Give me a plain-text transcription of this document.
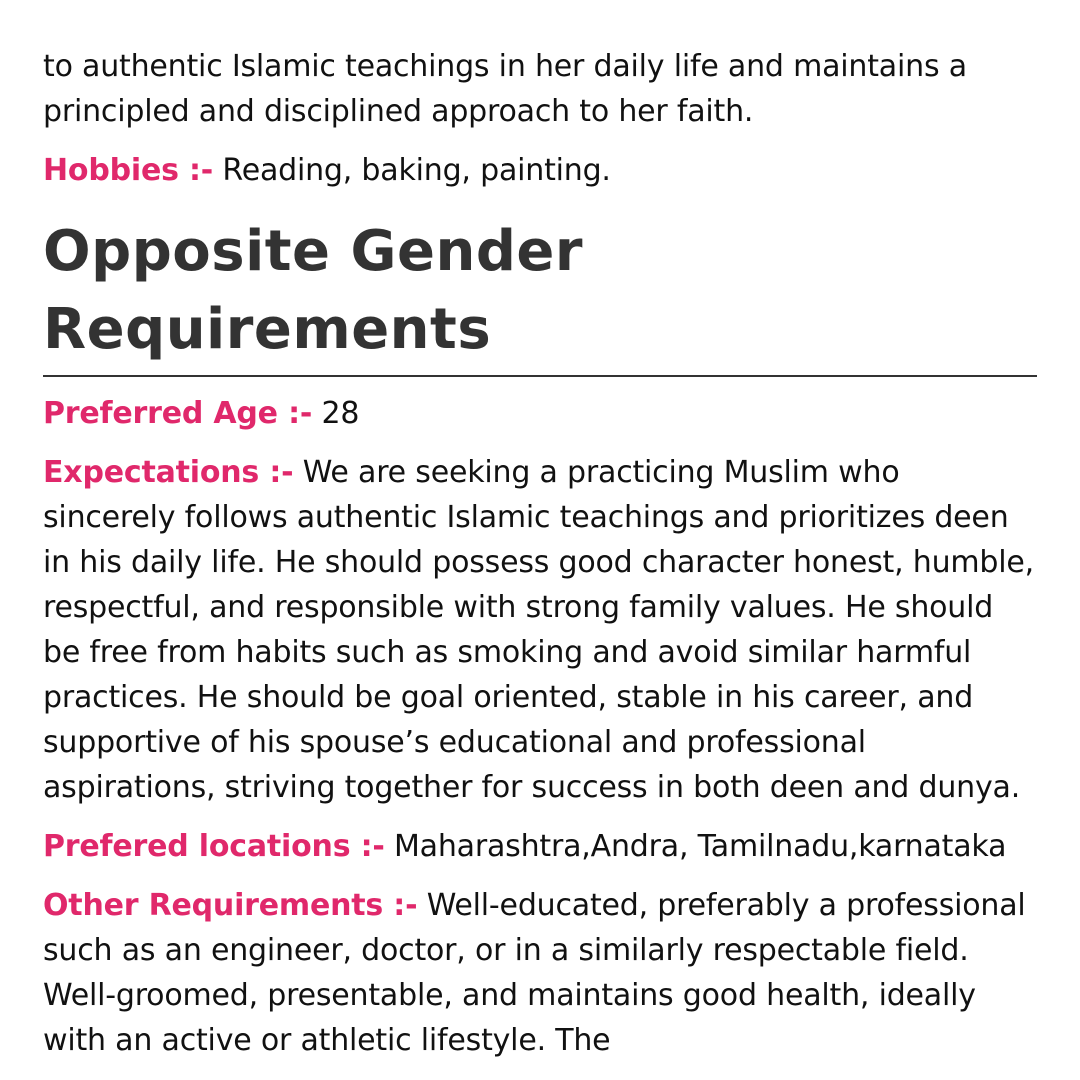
to authentic Islamic teachings in her daily life and maintains a principled and disciplined approach to her faith.

Hobbies :- Reading, baking, painting.

Opposite Gender Requirements

Preferred Age :- 28

Expectations :- We are seeking a practicing Muslim who sincerely follows authentic Islamic teachings and prioritizes deen in his daily life. He should possess good character honest, humble, respectful, and responsible with strong family values. He should be free from habits such as smoking and avoid similar harmful practices. He should be goal oriented, stable in his career, and supportive of his spouse’s educational and professional aspirations, striving together for success in both deen and dunya.

Prefered locations :- Maharashtra,Andra, Tamilnadu,karnataka

Other Requirements :- Well-educated, preferably a professional such as an engineer, doctor, or in a similarly respectable field. Well-groomed, presentable, and maintains good health, ideally with an active or athletic lifestyle. The
